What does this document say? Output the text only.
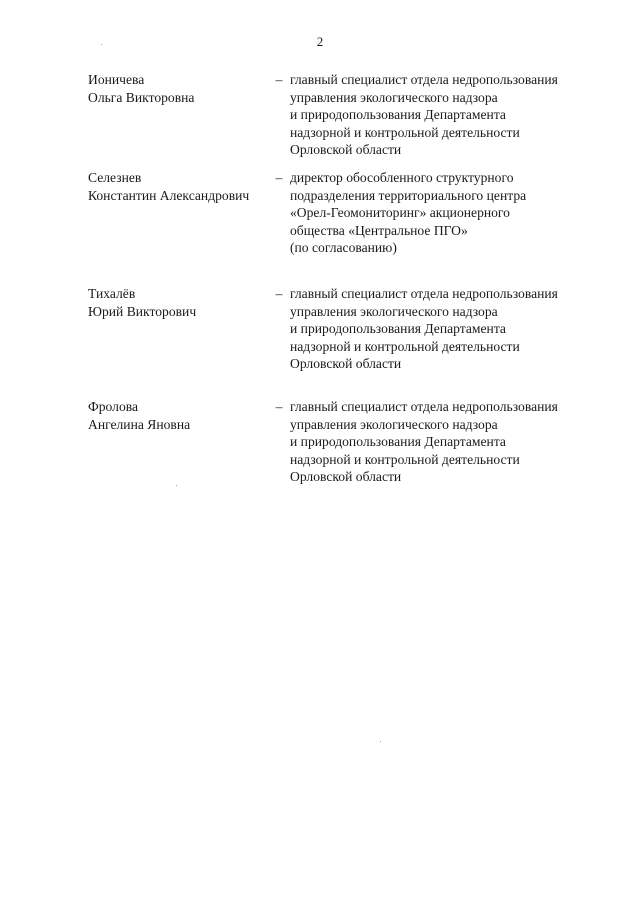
2
Ионичева
Ольга Викторовна
– главный специалист отдела недропользования
управления экологического надзора
и природопользования Департамента
надзорной и контрольной деятельности
Орловской области
Селезнев
Константин Александрович
– директор обособленного структурного
подразделения территориального центра
«Орел-Геомониторинг» акционерного
общества «Центральное ПГО»
(по согласованию)
Тихалёв
Юрий Викторович
– главный специалист отдела недропользования
управления экологического надзора
и природопользования Департамента
надзорной и контрольной деятельности
Орловской области
Фролова
Ангелина Яновна
– главный специалист отдела недропользования
управления экологического надзора
и природопользования Департамента
надзорной и контрольной деятельности
Орловской области
